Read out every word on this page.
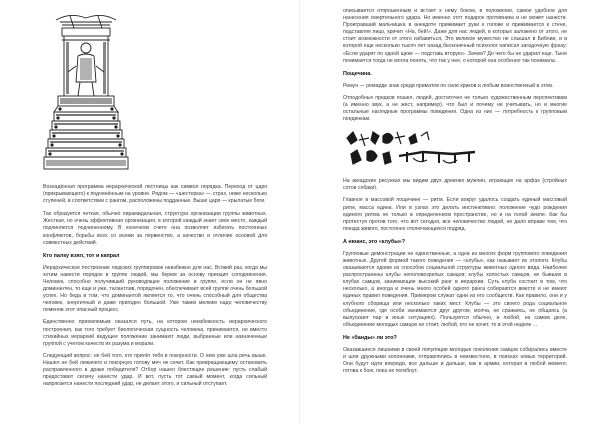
Вознадённая программа иерархической лестницы как символ порядка. Переход от царя (прикрывающего) к подчинённым на уровне. Рядом — «шестерка» — страх, ниже несколько ступеней, в соответствии с рангом, расположены подданные. Выше царя — крылатые боги.

Так образуется четкая, обычно пирамидальная, структура организации группы животных. Жесткая, но очень эффективная организация, в которой каждый знает свое место, каждый подчиняется подчиненному. В конечном счете она позволяет избегать постоянных конфликтов, борьбы всех со всеми за первенство, а качество и отличие основой для совместных действий.

Кто палку взял, тот и капрал

Иерархическое построение людских группировок неизбежно для нас. Всякий раз, когда мы хотим навести порядок в группе людей, мы берем за основу принцип соподчинения. Человек, способно получивший руководящее положение в группе, если он не явно доминантен, то еще и уже, талантлив, порядочен, обеспечивает всей группе очень большой успех. Но беда в том, что доминантой является то, что очень способный для общества человек, энергичный и даже пригоден большой. Уже таким мелким надо человечеству поменяв этот опасный процесс.

Единственно приемлемым оказался путь, на котором неизбежность иерархического построения, как того требует биологическая сущность человека, принимается, но вместо стихийных иерархий ведущее положение занимают люди, выбранные или назначенные группой с учетом качеств их разума и морали.

Следующий вопрос: не бей того, кто прилёг тебя в покорности. О нем уже шла речь выше. Нашел не бей лежачего и покорную голову меч не сечет. Как превращающему остановить расправленного в драке победителя? Отбор нашел блестящее решение: пусть слабый предоставит силачу нанести удар. И вот, пусть тот самый момент, когда сильный напрягается нанести последний удар, не делает этого, и сильный отступает.

описывается отпрошенным и встает к нему боком, в положение, самое удобное для нанесения смертельного удара. Но именно этот подарок противника и не может нанести. Проигравший мальчишка в анекдоте прижимает руки к голове и прижимается к стене, подставляя лицо, кричит «На, бей!». Даже для нас людей, в которых заложено от этого, не стоит возможности от этого избавиться, Это великое мужество не слышал в Библии, и в которой еще несколько тысяч лет назад бесконечный психолог написал загадочную фразу: «Если ударят по одной щеке — подставь вторую». Зачем? До чего бы не ударил еще. Тыне понимается тогда не могла понять, что так у нее, о которой она особенно так понимала.

Пощечина.

Ремун — ремарде знак среди приматов по силе криков и любым воинственный в этом.

Отподобных предков пошел, людей, достаточно не только художественным перспективам (а именно звук, а не жест, например), что был и почему не учитывать, но и многие остальные наглядные программы поведения. Одна из них — потребность к групповым поединкам.

На аккадских рисунках мы видим двух древних мужчин, играющих на арфах (стройных сотов собаки).

Главное в массовой пощечине — ритм. Если вокруг удалось создать единый массовый ритм, масса едина. Или в узлах это делать инстинктивно: положение чудо рождения единого ритма не только в определенном пространстве, но и на голой земле. Как бы протестуя против того, что вот сегодня, все человечество людей, не дало вправе тем, что поезда живого, постоянно отключающихся подряд.

А нюанс, это «клубы»?

Групповые демонстрации не единственные, а одна из многих форм группового поведения животных. Другой формой такого поведения — «клубы», как называет их этологи. Клубы оказываются одним из способов социальной структуры животных одного вида. Наиболее распространены клубы неполовозрелых самцов; клубы холостых самцов, не бывших в клубах самцов, занимающие высокий ранг в иерархии. Суть клуба состоит в том, что несколько, а иногда и очень много особей одного ранга собираются вместе и не имеют единых правил поведения. Примером служат одни из его сообществ. Как правило, они и у клубного сборища или несколько таких мест. Клубы — это своего рода социальное объединение, где особи занимаются друг другом, молча, не сражаясь, не общаясь (а выпускают пар в иных ситуациях). Пользуются обычно, и любой, на самом деле, объединение молодых самцов не стоит, любой, кто не хочет, то в этой неделе ...

Не «банды» ли это?

Оказавшиеся лишними в своей популяции молодые поколения самцов собирались вместе и шли дружными колоннами, отправлялись в неизвестное, в поисках новых территорий. Они будут идти впереди, все дальше и дальше, как в армии, которая в любой момент, готова к бою, пока не погибнут.
